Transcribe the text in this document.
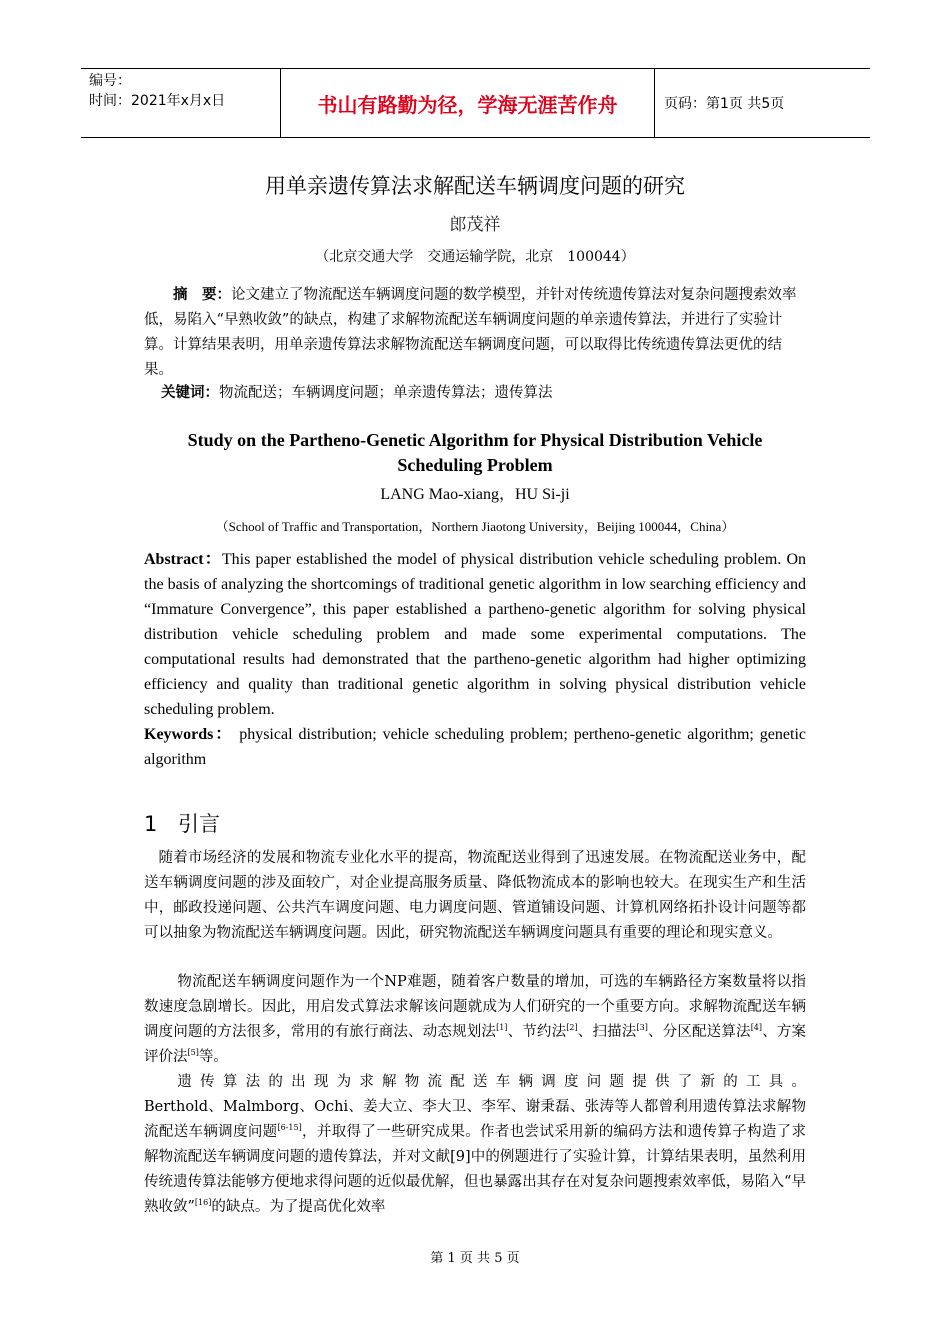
编号：
时间：2021年x月x日	书山有路勤为径，学海无涯苦作舟	页码：第1页 共5页
用单亲遗传算法求解配送车辆调度问题的研究
郎茂祥
（北京交通大学　交通运输学院，北京　100044）

摘　要：论文建立了物流配送车辆调度问题的数学模型，并针对传统遗传算法对复杂问题搜索效率低，易陷入“早熟收敛”的缺点，构建了求解物流配送车辆调度问题的单亲遗传算法，并进行了实验计算。计算结果表明，用单亲遗传算法求解物流配送车辆调度问题，可以取得比传统遗传算法更优的结果。

关键词：物流配送；车辆调度问题；单亲遗传算法；遗传算法

Study on the Partheno-Genetic Algorithm for Physical Distribution Vehicle
Scheduling Problem
LANG Mao-xiang，HU Si-ji
（School of Traffic and Transportation，Northern Jiaotong University，Beijing 100044，China）

Abstract：This paper established the model of physical distribution vehicle scheduling problem. On the basis of analyzing the shortcomings of traditional genetic algorithm in low searching efficiency and “Immature Convergence”, this paper established a partheno-genetic algorithm for solving physical distribution vehicle scheduling problem and made some experimental computations. The computational results had demonstrated that the partheno-genetic algorithm had higher optimizing efficiency and quality than traditional genetic algorithm in solving physical distribution vehicle scheduling problem.

Keywords： physical distribution; vehicle scheduling problem; pertheno-genetic algorithm; genetic algorithm

1 引言

随着市场经济的发展和物流专业化水平的提高，物流配送业得到了迅速发展。在物流配送业务中，配送车辆调度问题的涉及面较广，对企业提高服务质量、降低物流成本的影响也较大。在现实生产和生活中，邮政投递问题、公共汽车调度问题、电力调度问题、管道铺设问题、计算机网络拓扑设计问题等都可以抽象为物流配送车辆调度问题。因此，研究物流配送车辆调度问题具有重要的理论和现实意义。

物流配送车辆调度问题作为一个NP难题，随着客户数量的增加，可选的车辆路径方案数量将以指数速度急剧增长。因此，用启发式算法求解该问题就成为人们研究的一个重要方向。求解物流配送车辆调度问题的方法很多，常用的有旅行商法、动态规划法[1]、节约法[2]、扫描法[3]、分区配送算法[4]、方案评价法[5]等。

遗传算法的出现为求解物流配送车辆调度问题提供了新的工具。
Berthold、Malmborg、Ochi、姜大立、李大卫、李军、谢秉磊、张涛等人都曾利用遗传算法求解物流配送车辆调度问题[6-15]，并取得了一些研究成果。作者也尝试采用新的编码方法和遗传算子构造了求解物流配送车辆调度问题的遗传算法，并对文献[9]中的例题进行了实验计算，计算结果表明，虽然利用传统遗传算法能够方便地求得问题的近似最优解，但也暴露出其存在对复杂问题搜索效率低，易陷入“早熟收敛”[16]的缺点。为了提高优化效率

第 1 页 共 5 页
